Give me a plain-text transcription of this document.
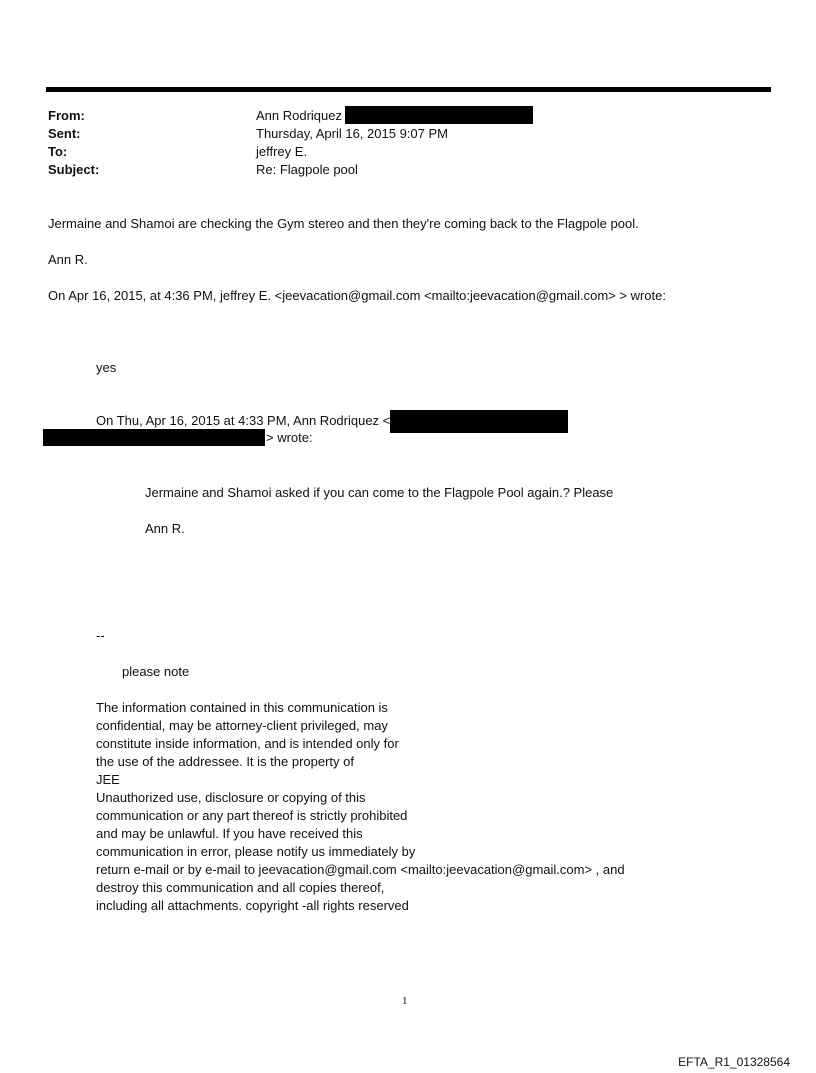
From:	Ann Rodriquez
Sent:	Thursday, April 16, 2015 9:07 PM
To:	jeffrey E.
Subject:	Re: Flagpole pool
Jermaine and Shamoi are checking the Gym stereo and then they're coming back to the Flagpole pool.
Ann R.
On Apr 16, 2015, at 4:36 PM, jeffrey E. <jeevacation@gmail.com <mailto:jeevacation@gmail.com> > wrote:
yes
On Thu, Apr 16, 2015 at 4:33 PM, Ann Rodriquez <
> wrote:
Jermaine and Shamoi asked if you can come to the Flagpole Pool again.? Please
Ann R.
--
please note
The information contained in this communication is
confidential, may be attorney-client privileged, may
constitute inside information, and is intended only for
the use of the addressee. It is the property of
JEE
Unauthorized use, disclosure or copying of this
communication or any part thereof is strictly prohibited
and may be unlawful. If you have received this
communication in error, please notify us immediately by
return e-mail or by e-mail to jeevacation@gmail.com <mailto:jeevacation@gmail.com> , and
destroy this communication and all copies thereof,
including all attachments. copyright -all rights reserved
1
EFTA_R1_01328564
